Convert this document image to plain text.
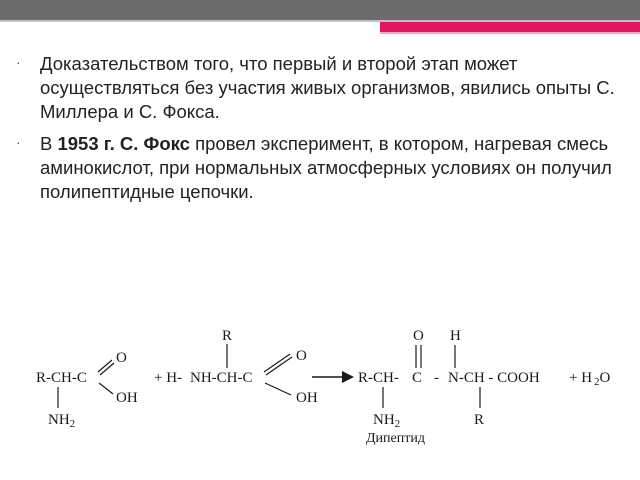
· Доказательством того, что первый и второй этап может осуществляться без участия живых организмов, явились опыты С. Миллера и С. Фокса.
· В 1953 г. С. Фокс провел эксперимент, в котором, нагревая смесь аминокислот, при нормальных атмосферных условиях он получил полипептидные цепочки.
R-CH-C
O
OH
$NH_2$
+ H- NH-CH-C
R
O
OH
R-CH- C - N-CH - COOH
O H
R
$NH_2$
+ H $_2$O
Дипептид
